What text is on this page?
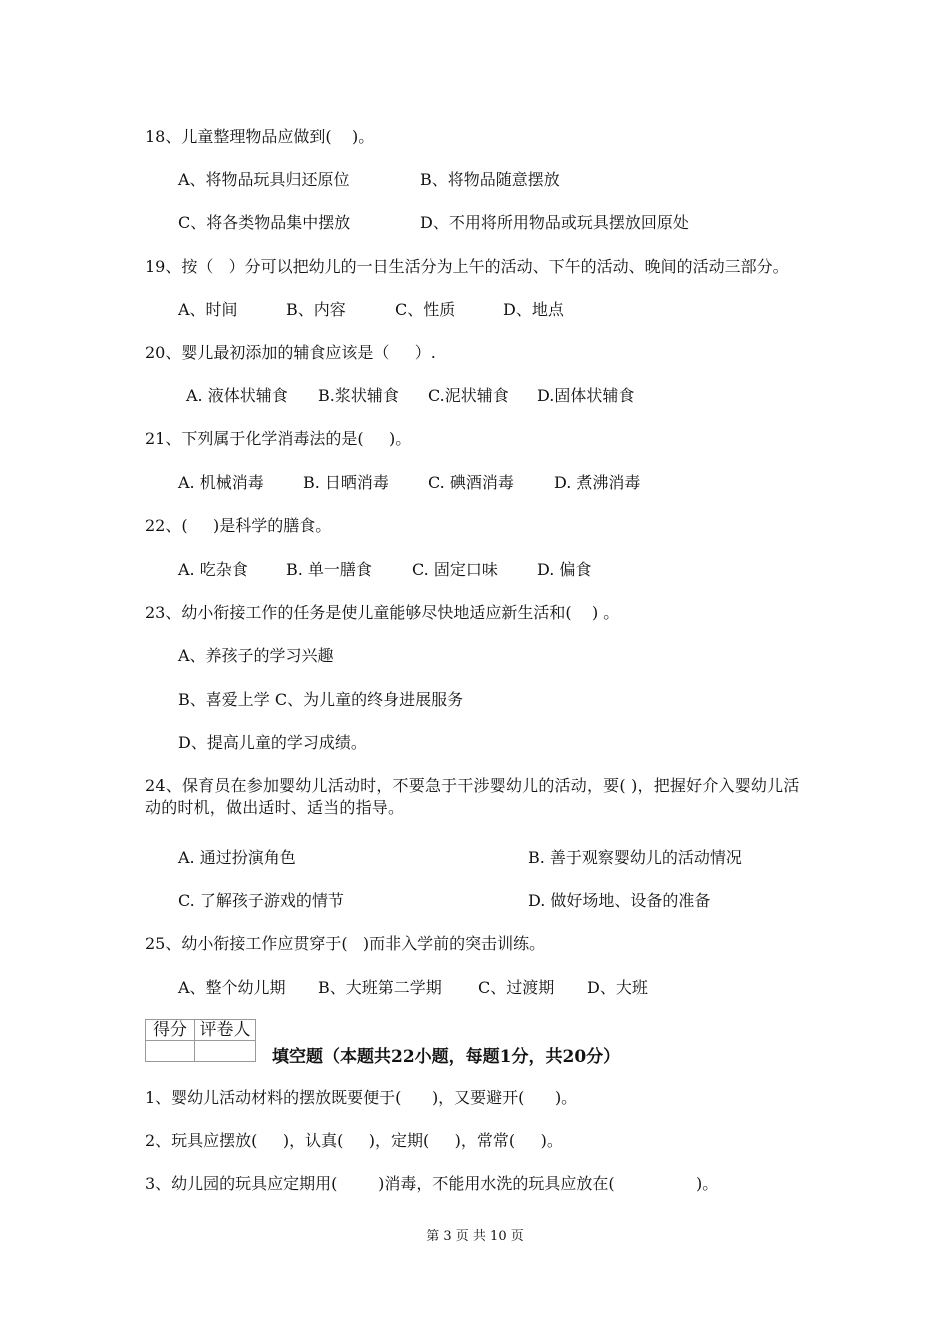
18、儿童整理物品应做到(    )。
A、将物品玩具归还原位	B、将物品随意摆放
C、将各类物品集中摆放	D、不用将所用物品或玩具摆放回原处
19、按（   ）分可以把幼儿的一日生活分为上午的活动、下午的活动、晚间的活动三部分。
A、时间	B、内容	C、性质	D、地点
20、婴儿最初添加的辅食应该是（     ）.
A. 液体状辅食 B.浆状辅食 C.泥状辅食 D.固体状辅食
21、下列属于化学消毒法的是(     )。
A. 机械消毒 B. 日晒消毒 C. 碘酒消毒	D. 煮沸消毒
22、(     )是科学的膳食。
A. 吃杂食 B. 单一膳食	C. 固定口味 D. 偏食
23、幼小衔接工作的任务是使儿童能够尽快地适应新生活和(    ) 。
A、养孩子的学习兴趣
B、喜爱上学 C、为儿童的终身进展服务
D、提高儿童的学习成绩。
24、保育员在参加婴幼儿活动时，不要急于干涉婴幼儿的活动，要( )，把握好介入婴幼儿活动的时机，做出适时、适当的指导。
A. 通过扮演角色	B. 善于观察婴幼儿的活动情况
C. 了解孩子游戏的情节	D. 做好场地、设备的准备
25、幼小衔接工作应贯穿于(   )而非入学前的突击训练。
A、整个幼儿期 B、大班第二学期 C、过渡期 D、大班
得分	评卷人

填空题（本题共22小题，每题1分，共20分）
1、婴幼儿活动材料的摆放既要便于(      )，又要避开(      )。
2、玩具应摆放(     )，认真(     )，定期(     )，常常(     )。
3、幼儿园的玩具应定期用(        )消毒，不能用水洗的玩具应放在(                )。
第 3 页 共 10 页
